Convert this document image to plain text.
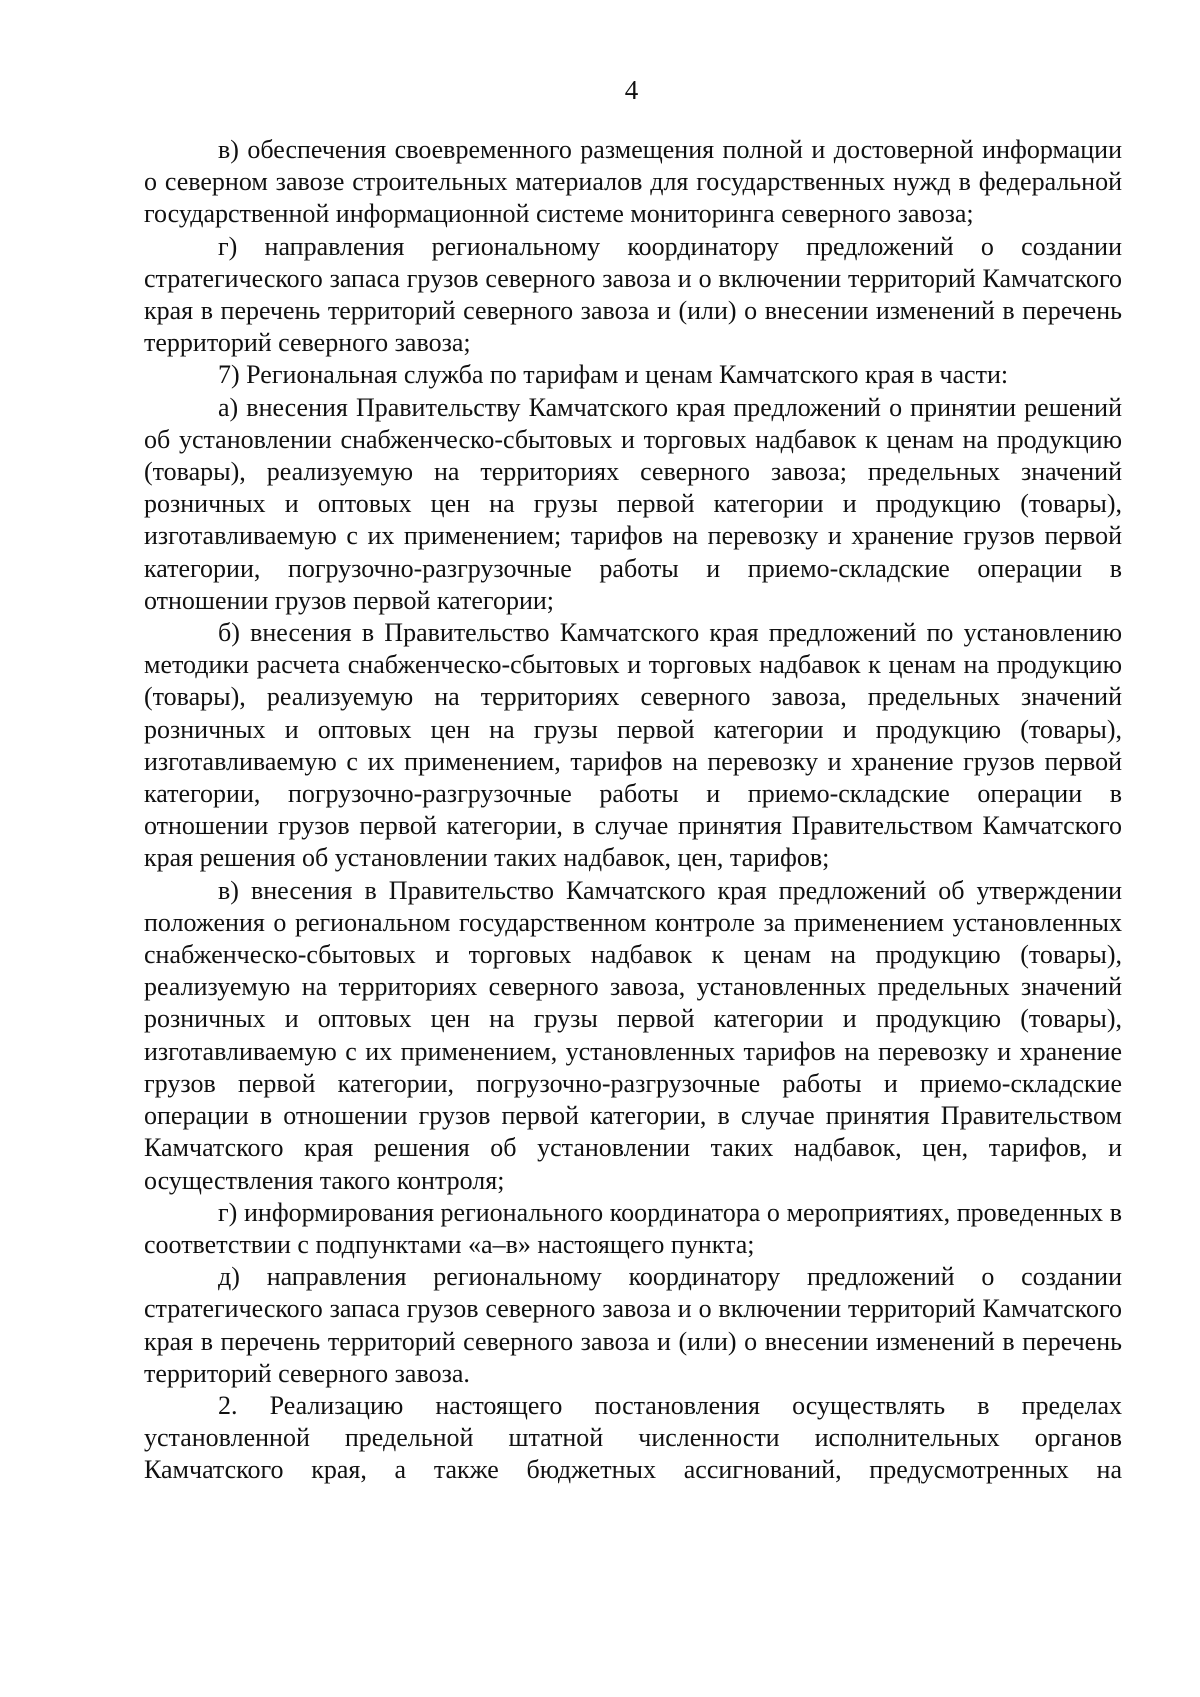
4

в) обеспечения своевременного размещения полной и достоверной информации о северном завозе строительных материалов для государственных нужд в федеральной государственной информационной системе мониторинга северного завоза;

г) направления региональному координатору предложений о создании стратегического запаса грузов северного завоза и о включении территорий Камчатского края в перечень территорий северного завоза и (или) о внесении изменений в перечень территорий северного завоза;

7) Региональная служба по тарифам и ценам Камчатского края в части:

а) внесения Правительству Камчатского края предложений о принятии решений об установлении снабженческо-сбытовых и торговых надбавок к ценам на продукцию (товары), реализуемую на территориях северного завоза; предельных значений розничных и оптовых цен на грузы первой категории и продукцию (товары), изготавливаемую с их применением; тарифов на перевозку и хранение грузов первой категории, погрузочно-разгрузочные работы и приемо-складские операции в отношении грузов первой категории;

б) внесения в Правительство Камчатского края предложений по установлению методики расчета снабженческо-сбытовых и торговых надбавок к ценам на продукцию (товары), реализуемую на территориях северного завоза, предельных значений розничных и оптовых цен на грузы первой категории и продукцию (товары), изготавливаемую с их применением, тарифов на перевозку и хранение грузов первой категории, погрузочно-разгрузочные работы и приемо-складские операции в отношении грузов первой категории, в случае принятия Правительством Камчатского края решения об установлении таких надбавок, цен, тарифов;

в) внесения в Правительство Камчатского края предложений об утверждении положения о региональном государственном контроле за применением установленных снабженческо-сбытовых и торговых надбавок к ценам на продукцию (товары), реализуемую на территориях северного завоза, установленных предельных значений розничных и оптовых цен на грузы первой категории и продукцию (товары), изготавливаемую с их применением, установленных тарифов на перевозку и хранение грузов первой категории, погрузочно-разгрузочные работы и приемо-складские операции в отношении грузов первой категории, в случае принятия Правительством Камчатского края решения об установлении таких надбавок, цен, тарифов, и осуществления такого контроля;

г) информирования регионального координатора о мероприятиях, проведенных в соответствии с подпунктами «а–в» настоящего пункта;

д) направления региональному координатору предложений о создании стратегического запаса грузов северного завоза и о включении территорий Камчатского края в перечень территорий северного завоза и (или) о внесении изменений в перечень территорий северного завоза.

2. Реализацию настоящего постановления осуществлять в пределах установленной предельной штатной численности исполнительных органов Камчатского края, а также бюджетных ассигнований, предусмотренных на
